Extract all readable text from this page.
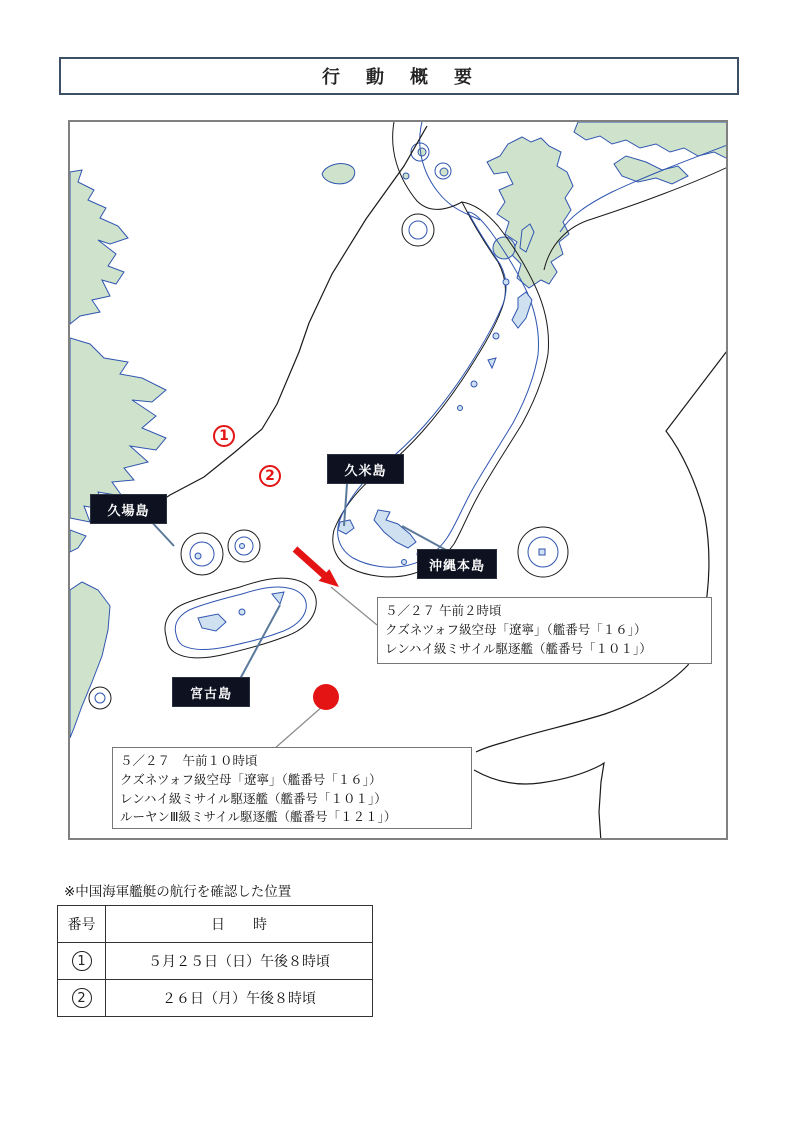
行　動　概　要
久場島
久米島
沖縄本島
宮古島
1
2
５／２７ 午前２時頃
クズネツォフ級空母「遼寧」（艦番号「１６」）
レンハイ級ミサイル駆逐艦（艦番号「１０１」）
５／２７　午前１０時頃
クズネツォフ級空母「遼寧」（艦番号「１６」）
レンハイ級ミサイル駆逐艦（艦番号「１０１」）
ルーヤンⅢ級ミサイル駆逐艦（艦番号「１２１」）
※中国海軍艦艇の航行を確認した位置
番号	日　　時
1	５月２５日（日）午後８時頃
2	２６日（月）午後８時頃
